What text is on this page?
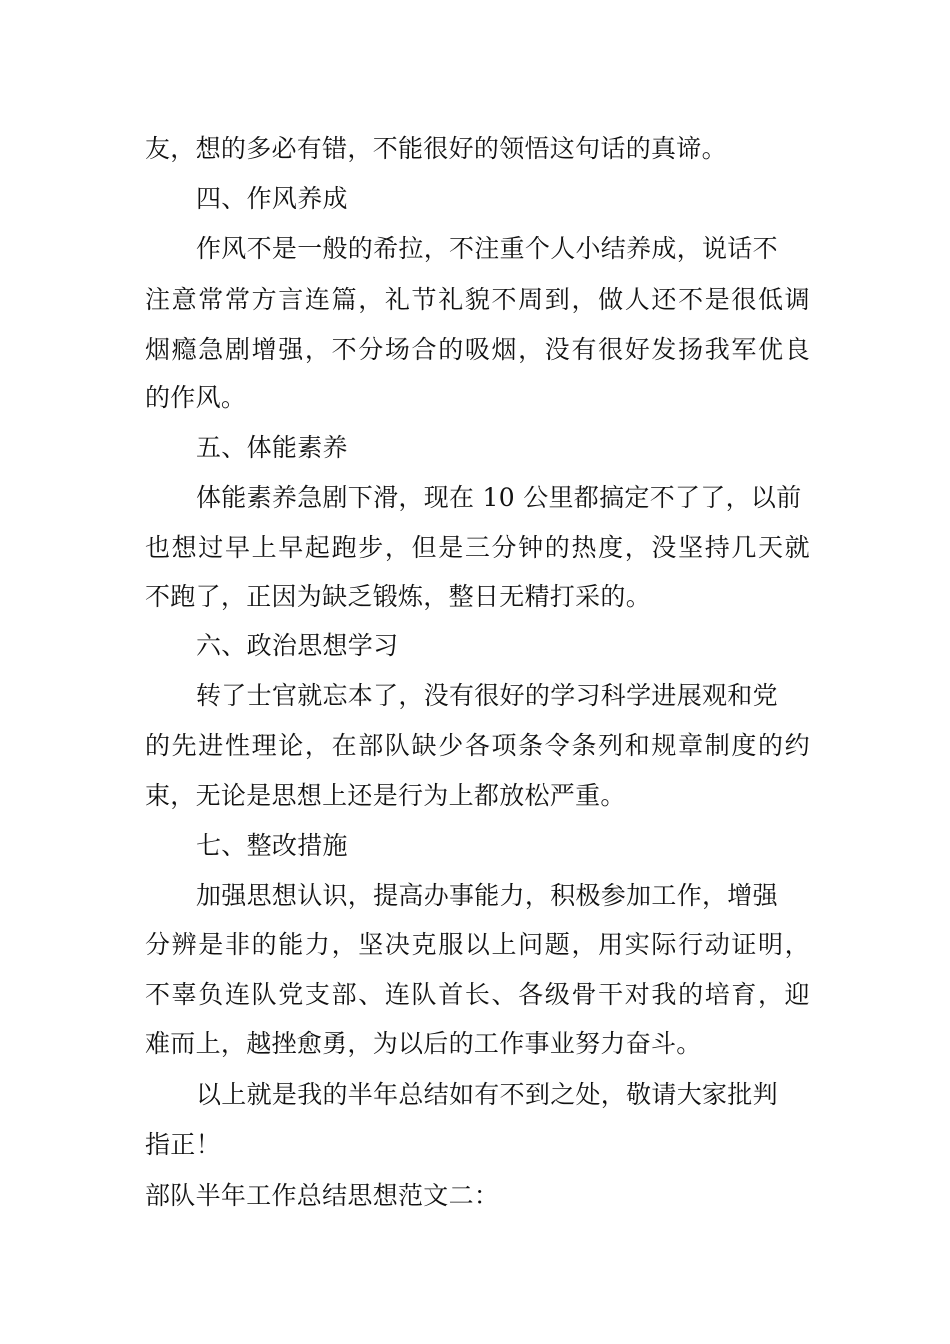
友，想的多必有错，不能很好的领悟这句话的真谛。
四、作风养成
作风不是一般的希拉，不注重个人小结养成，说话不
注意常常方言连篇，礼节礼貌不周到，做人还不是很低调
烟瘾急剧增强，不分场合的吸烟，没有很好发扬我军优良
的作风。
五、体能素养
体能素养急剧下滑，现在 10 公里都搞定不了了，以前
也想过早上早起跑步，但是三分钟的热度，没坚持几天就
不跑了，正因为缺乏锻炼，整日无精打采的。
六、政治思想学习
转了士官就忘本了，没有很好的学习科学进展观和党
的先进性理论，在部队缺少各项条令条列和规章制度的约
束，无论是思想上还是行为上都放松严重。
七、整改措施
加强思想认识，提高办事能力，积极参加工作，增强
分辨是非的能力，坚决克服以上问题，用实际行动证明，
不辜负连队党支部、连队首长、各级骨干对我的培育，迎
难而上，越挫愈勇，为以后的工作事业努力奋斗。
以上就是我的半年总结如有不到之处，敬请大家批判
指正！
部队半年工作总结思想范文二：
